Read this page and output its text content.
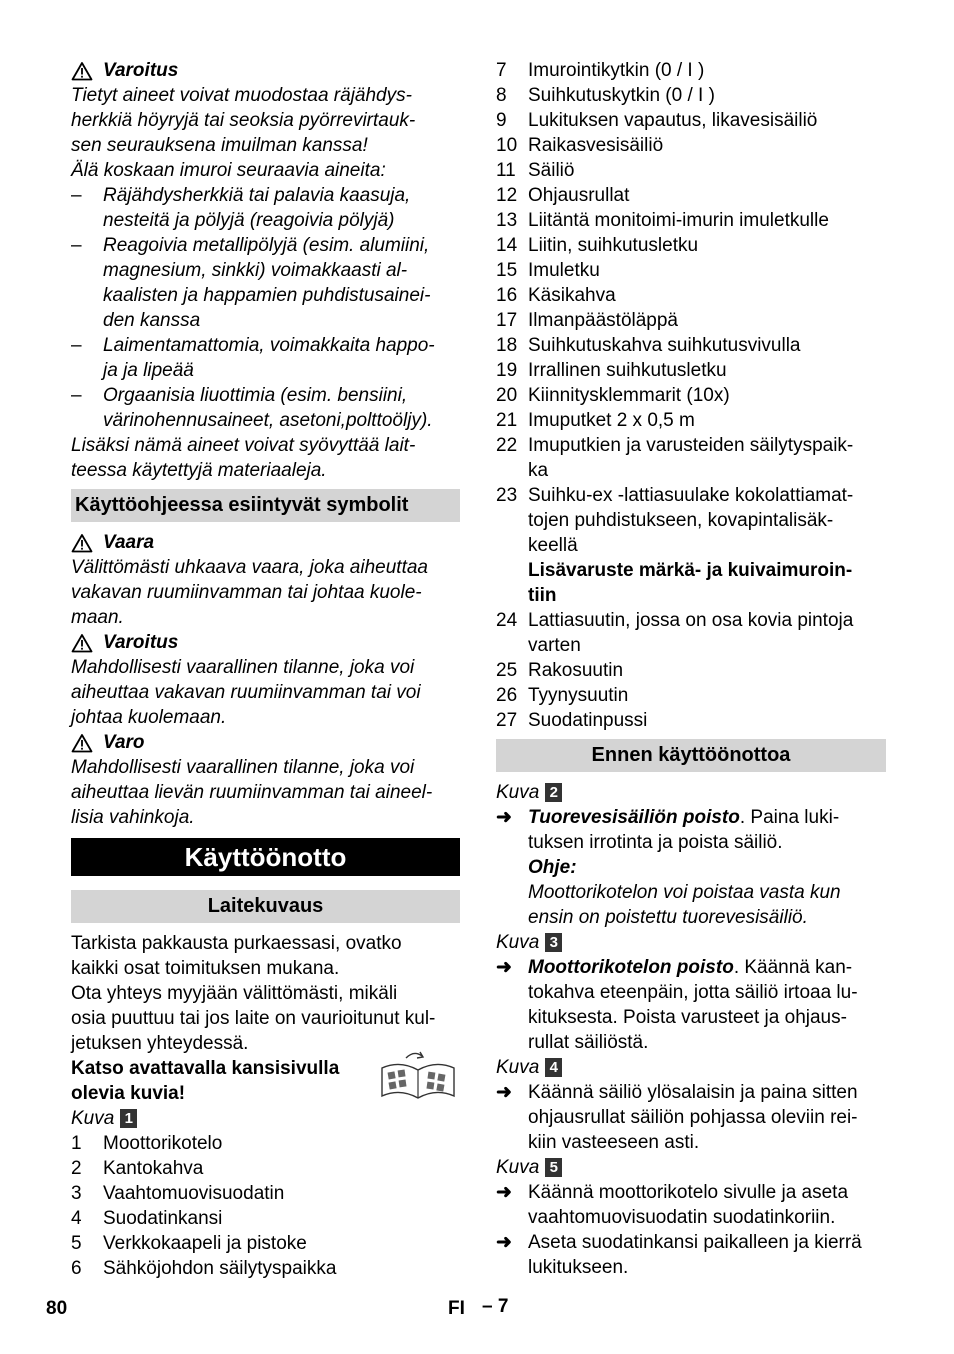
Varoitus

Tietyt aineet voivat muodostaa räjähdys-

herkkiä höyryjä tai seoksia pyörrevirtauk-

sen seurauksena imuilman kanssa!

Älä koskaan imuroi seuraavia aineita:

–	Räjähdysherkkiä tai palavia kaasuja,
nesteitä ja pölyjä (reagoivia pölyjä)
–	Reagoivia metallipölyjä (esim. alumiini,
magnesium, sinkki) voimakkaasti al-
kaalisten ja happamien puhdistusainei-
den kanssa
–	Laimentamattomia, voimakkaita happo-
ja ja lipeää
–	Orgaanisia liuottimia (esim. bensiini,
värinohennusaineet, asetoni,polttoöljy).

Lisäksi nämä aineet voivat syövyttää lait-

teessa käytettyjä materiaaleja.

Käyttöohjeessa esiintyvät symbolit
Vaara

Välittömästi uhkaava vaara, joka aiheuttaa

vakavan ruumiinvamman tai johtaa kuole-

maan.

Varoitus

Mahdollisesti vaarallinen tilanne, joka voi

aiheuttaa vakavan ruumiinvamman tai voi

johtaa kuolemaan.

Varo

Mahdollisesti vaarallinen tilanne, joka voi

aiheuttaa lievän ruumiinvamman tai aineel-

lisia vahinkoja.

Käyttöönotto
Laitekuvaus

Tarkista pakkausta purkaessasi, ovatko

kaikki osat toimituksen mukana.

Ota yhteys myyjään välittömästi, mikäli

osia puuttuu tai jos laite on vaurioitunut kul-

jetuksen yhteydessä.

Katso avattavalla kansisivulla

olevia kuvia!

Kuva 1
1	Moottorikotelo
2	Kantokahva
3	Vaahtomuovisuodatin
4	Suodatinkansi
5	Verkkokaapeli ja pistoke
6	Sähköjohdon säilytyspaikka
7	Imurointikytkin (0 / I )
8	Suihkutuskytkin (0 / I )
9	Lukituksen vapautus, likavesisäiliö
10 Raikasvesisäiliö
11 Säiliö
12 Ohjausrullat
13 Liitäntä monitoimi-imurin imuletkulle
14 Liitin, suihkutusletku
15 Imuletku
16 Käsikahva
17 Ilmanpäästöläppä
18 Suihkutuskahva suihkutusvivulla
19 Irrallinen suihkutusletku
20 Kiinnitysklemmarit (10x)
21 Imuputket 2 x 0,5 m
22 Imuputkien ja varusteiden säilytyspaik-
ka
23 Suihku-ex -lattiasuulake kokolattiamat-
tojen puhdistukseen, kovapintalisäk-
keellä
Lisävaruste märkä- ja kuivaimuroin-
tiin
24 Lattiasuutin, jossa on osa kovia pintoja
varten
25 Rakosuutin
26 Tyynysuutin
27 Suodatinpussi
Ennen käyttöönottoa
Kuva 2
➜ Tuorevesisäiliön poisto. Paina luki-
tuksen irrotinta ja poista säiliö.
Ohje:
Moottorikotelon voi poistaa vasta kun
ensin on poistettu tuorevesisäiliö.
Kuva 3
➜ Moottorikotelon poisto. Käännä kan-
tokahva eteenpäin, jotta säiliö irtoaa lu-
kituksesta. Poista varusteet ja ohjaus-
rullat säiliöstä.
Kuva 4
➜ Käännä säiliö ylösalaisin ja paina sitten
ohjausrullat säiliön pohjassa oleviin rei-
kiin vasteeseen asti.
Kuva 5
➜ Käännä moottorikotelo sivulle ja aseta
vaahtomuovisuodatin suodatinkoriin.
➜ Aseta suodatinkansi paikalleen ja kierrä
lukitukseen.
80	FI – 7
